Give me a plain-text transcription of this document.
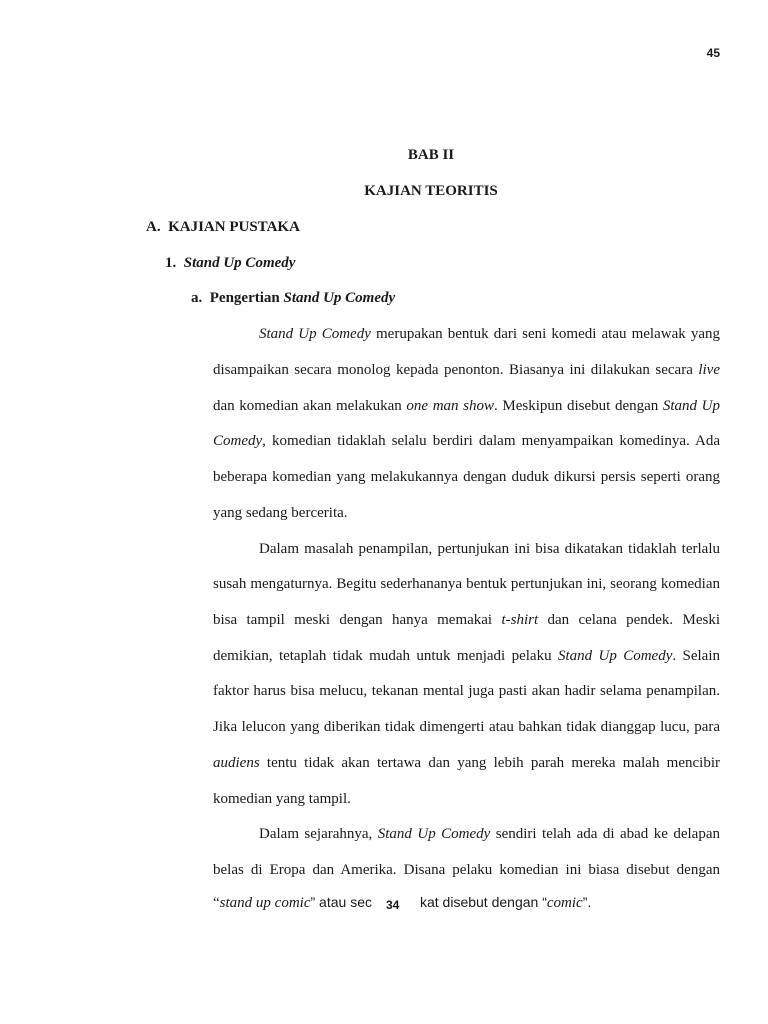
45
BAB II
KAJIAN TEORITIS
A. KAJIAN PUSTAKA
1. Stand Up Comedy
a. Pengertian Stand Up Comedy
Stand Up Comedy merupakan bentuk dari seni komedi atau melawak yang
disampaikan secara monolog kepada penonton. Biasanya ini dilakukan secara live
dan komedian akan melakukan one man show. Meskipun disebut dengan Stand Up
Comedy, komedian tidaklah selalu berdiri dalam menyampaikan komedinya. Ada
beberapa komedian yang melakukannya dengan duduk dikursi persis seperti orang
yang sedang bercerita.
Dalam masalah penampilan, pertunjukan ini bisa dikatakan tidaklah terlalu
susah mengaturnya. Begitu sederhananya bentuk pertunjukan ini, seorang komedian
bisa tampil meski dengan hanya memakai t-shirt dan celana pendek. Meski
demikian, tetaplah tidak mudah untuk menjadi pelaku Stand Up Comedy. Selain
faktor harus bisa melucu, tekanan mental juga pasti akan hadir selama penampilan.
Jika lelucon yang diberikan tidak dimengerti atau bahkan tidak dianggap lucu, para
audiens tentu tidak akan tertawa dan yang lebih parah mereka malah mencibir
komedian yang tampil.
Dalam sejarahnya, Stand Up Comedy sendiri telah ada di abad ke delapan
belas di Eropa dan Amerika. Disana pelaku komedian ini biasa disebut dengan
“stand up comic” atau sec	kat disebut dengan “comic”.
34
